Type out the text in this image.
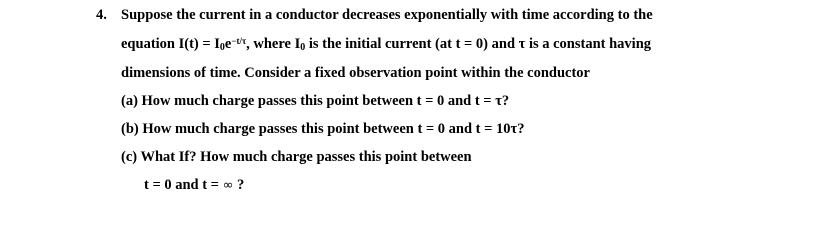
4. Suppose the current in a conductor decreases exponentially with time according to the
equation $I(t) = I_0e^{-t/\tau}$, where $I_0$ is the initial current (at t = 0) and τ is a constant having
dimensions of time. Consider a fixed observation point within the conductor
(a) How much charge passes this point between t = 0 and t = τ?
(b) How much charge passes this point between t = 0 and t = 10τ?
(c) What If? How much charge passes this point between
t = 0 and t = ∞ ?
